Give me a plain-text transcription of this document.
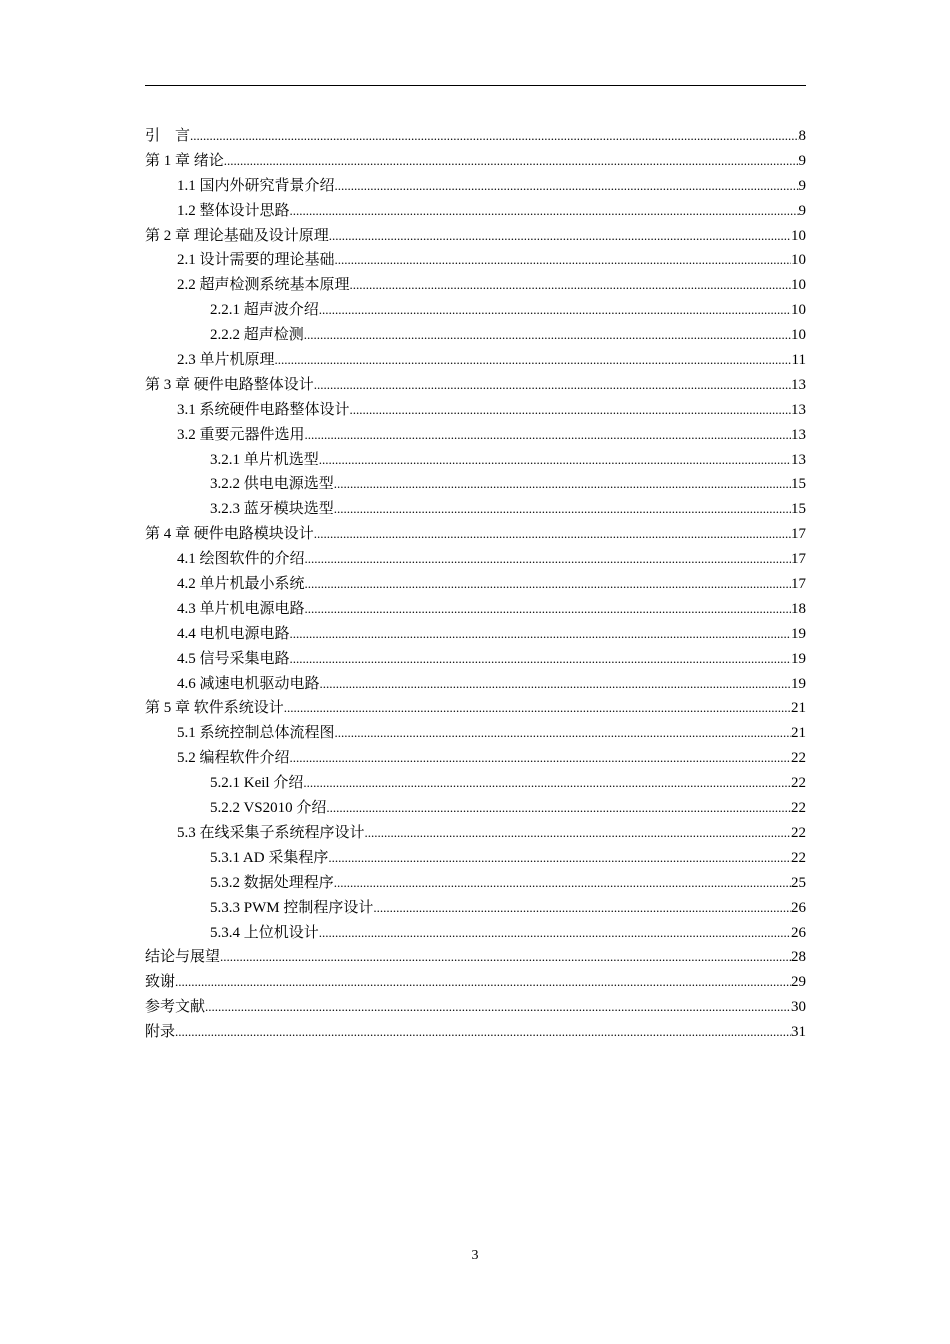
引　言 .....	8
第 1 章 绪论 .....	9
1.1 国内外研究背景介绍 .....	9
1.2 整体设计思路 .....	9
第 2 章 理论基础及设计原理 .....	10
2.1 设计需要的理论基础 .....	10
2.2 超声检测系统基本原理 .....	10
2.2.1 超声波介绍 .....	10
2.2.2 超声检测 .....	10
2.3 单片机原理 .....	11
第 3 章 硬件电路整体设计 .....	13
3.1 系统硬件电路整体设计 .....	13
3.2 重要元器件选用 .....	13
3.2.1 单片机选型 .....	13
3.2.2 供电电源选型 .....	15
3.2.3 蓝牙模块选型 .....	15
第 4 章 硬件电路模块设计 .....	17
4.1 绘图软件的介绍 .....	17
4.2 单片机最小系统 .....	17
4.3 单片机电源电路 .....	18
4.4 电机电源电路 .....	19
4.5 信号采集电路 .....	19
4.6 减速电机驱动电路 .....	19
第 5 章 软件系统设计 .....	21
5.1 系统控制总体流程图 .....	21
5.2 编程软件介绍 .....	22
5.2.1 Keil 介绍 .....	22
5.2.2 VS2010 介绍 .....	22
5.3 在线采集子系统程序设计 .....	22
5.3.1 AD 采集程序 .....	22
5.3.2 数据处理程序 .....	25
5.3.3 PWM 控制程序设计 .....	26
5.3.4 上位机设计 .....	26
结论与展望 .....	28
致谢 .....	29
参考文献 .....	30
附录 .....	31
3
